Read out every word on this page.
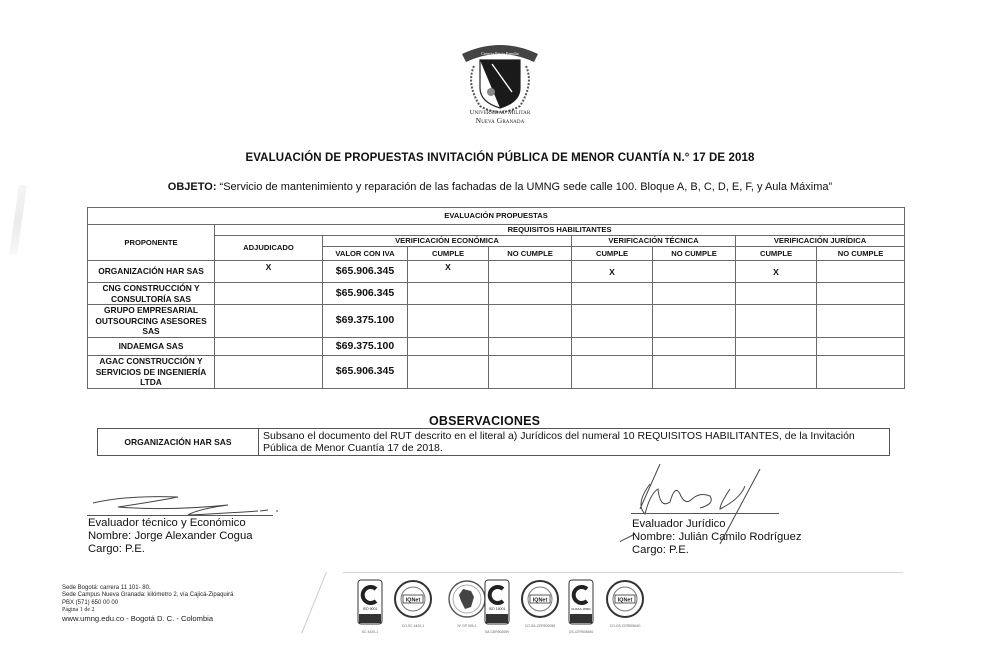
Ciencia Patria Familia
Universidad Militar
Nueva Granada
EVALUACIÓN DE PROPUESTAS INVITACIÓN PÚBLICA DE MENOR CUANTÍA N.° 17 DE 2018
OBJETO: “Servicio de mantenimiento y reparación de las fachadas de la UMNG sede calle 100. Bloque A, B, C, D, E, F, y Aula Máxima”
EVALUACIÓN PROPUESTAS								
PROPONENTE	REQUISITOS HABILITANTES							
	ADJUDICADO	VERIFICACIÓN ECONÓMICA			VERIFICACIÓN TÉCNICA		VERIFICACIÓN JURÍDICA	
		VALOR CON IVA	CUMPLE	NO CUMPLE	CUMPLE	NO CUMPLE	CUMPLE	NO CUMPLE
ORGANIZACIÓN HAR SAS	X	$65.906.345	X		X		X	
CNG CONSTRUCCIÓN Y CONSULTORÍA SAS		$65.906.345						
GRUPO EMPRESARIAL OUTSOURCING ASESORES SAS		$69.375.100						
INDAEMGA SAS		$69.375.100						
AGAC CONSTRUCCIÓN Y SERVICIOS DE INGENIERÍA LTDA		$65.906.345						
OBSERVACIONES
ORGANIZACIÓN HAR SAS	Subsano el documento del RUT descrito en el literal a) Jurídicos del numeral 10 REQUISITOS HABILITANTES, de la Invitación Pública de Menor Cuantía 17 de 2018.
Evaluador técnico y Económico
Nombre: Jorge Alexander Cogua
Cargo: P.E.
Evaluador Jurídico
Nombre: Julián Camilo Rodríguez
Cargo: P.E.
Sede Bogotá: carrera 11 101- 80.
Sede Campus Nueva Granada: kilómetro 2, vía Cajicá-Zipaquirá
PBX (571) 650 00 00
Página 1 de 2
www.umng.edu.co - Bogotá D. C. - Colombia
ISO 9001
SC 4420-1
IQNet
CO-SC 4420-1	Nº GP 005-1
ISO 14001
SA-CER502059
IQNet
CO-SA-CER502056
OHSAS 18001
OS-CER508440
IQNet
CO-OS-CER508440
